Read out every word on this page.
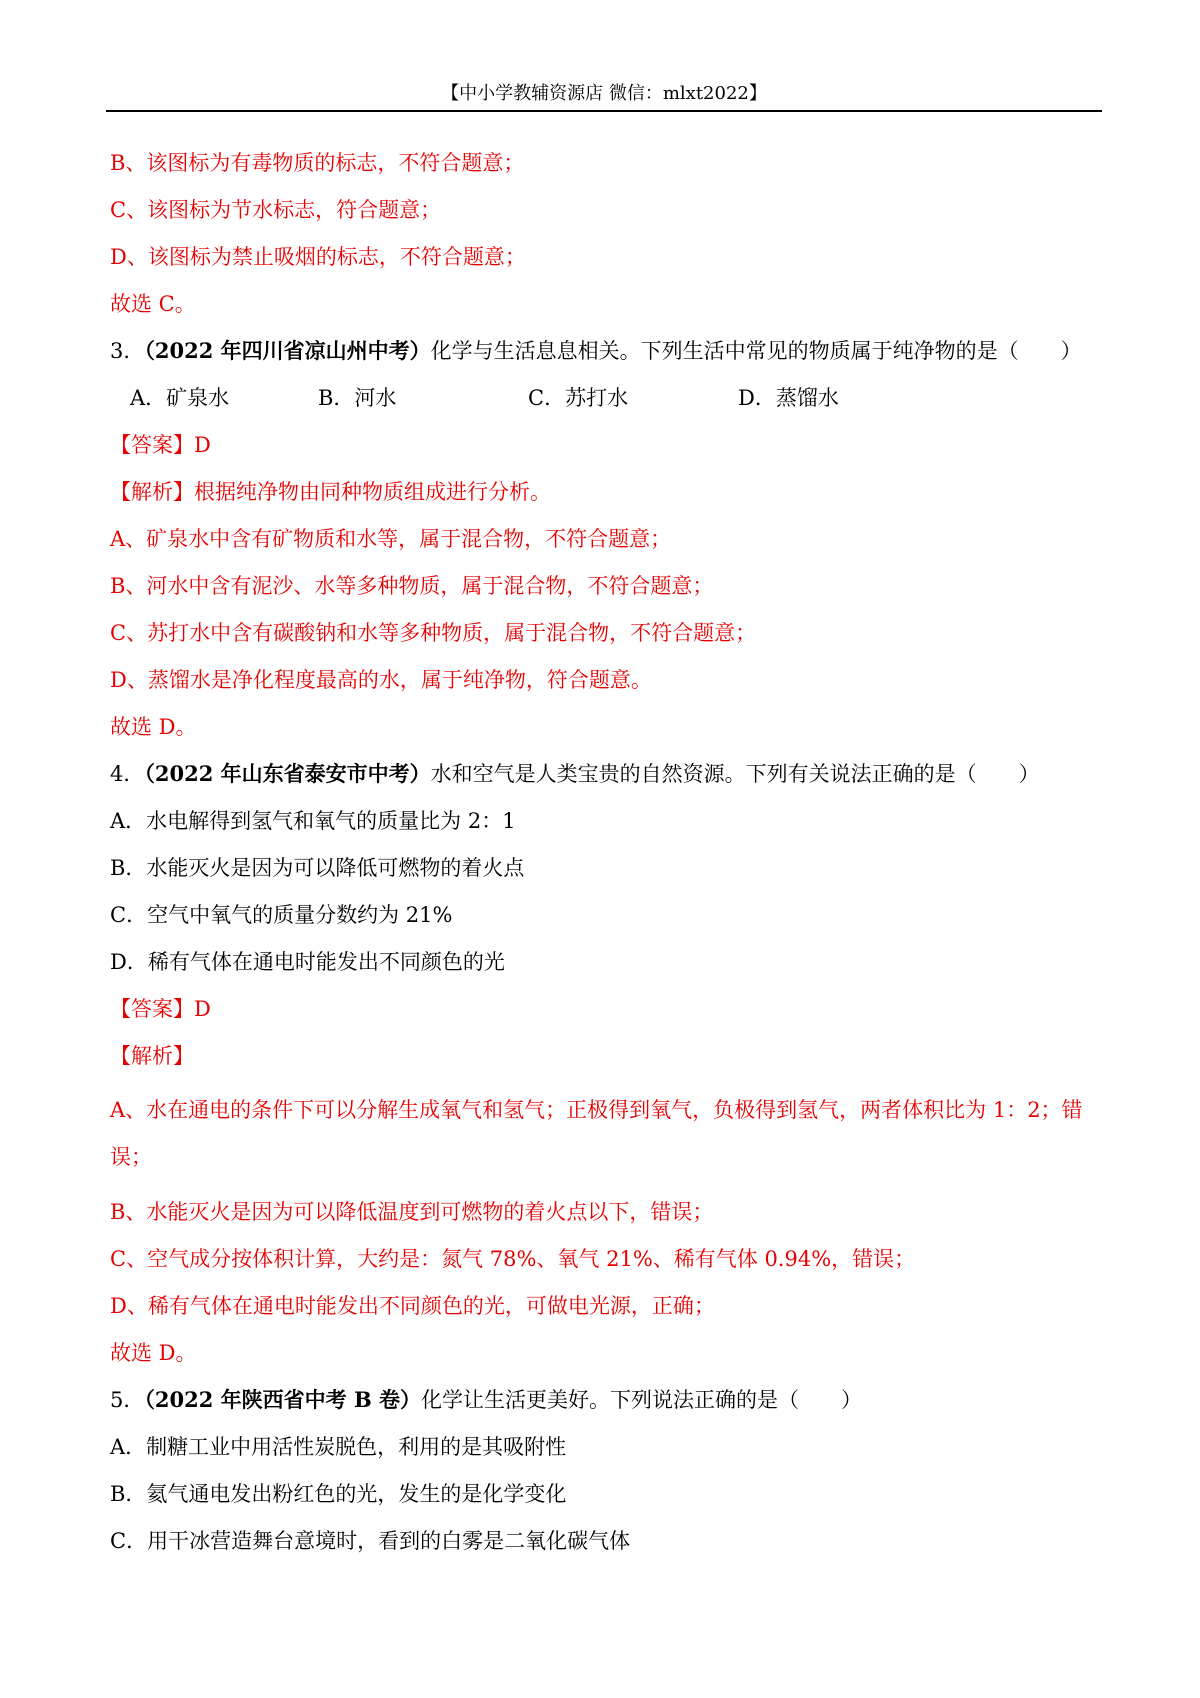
【中小学教辅资源店 微信：mlxt2022】
B、该图标为有毒物质的标志，不符合题意；
C、该图标为节水标志，符合题意；
D、该图标为禁止吸烟的标志，不符合题意；
故选 C。
3．（2022 年四川省凉山州中考）化学与生活息息相关。下列生活中常见的物质属于纯净物的是（　　）
A．矿泉水	B．河水	C．苏打水	D．蒸馏水
【答案】D
【解析】根据纯净物由同种物质组成进行分析。
A、矿泉水中含有矿物质和水等，属于混合物，不符合题意；
B、河水中含有泥沙、水等多种物质，属于混合物，不符合题意；
C、苏打水中含有碳酸钠和水等多种物质，属于混合物，不符合题意；
D、蒸馏水是净化程度最高的水，属于纯净物，符合题意。
故选 D。
4．（2022 年山东省泰安市中考）水和空气是人类宝贵的自然资源。下列有关说法正确的是（　　）
A．水电解得到氢气和氧气的质量比为 2：1
B．水能灭火是因为可以降低可燃物的着火点
C．空气中氧气的质量分数约为 21%
D．稀有气体在通电时能发出不同颜色的光
【答案】D
【解析】
A、水在通电的条件下可以分解生成氧气和氢气；正极得到氧气，负极得到氢气，两者体积比为 1：2；错误；
B、水能灭火是因为可以降低温度到可燃物的着火点以下，错误；
C、空气成分按体积计算，大约是：氮气 78%、氧气 21%、稀有气体 0.94%，错误；
D、稀有气体在通电时能发出不同颜色的光，可做电光源，正确；
故选 D。
5．（2022 年陕西省中考 B 卷）化学让生活更美好。下列说法正确的是（　　）
A．制糖工业中用活性炭脱色，利用的是其吸附性
B．氦气通电发出粉红色的光，发生的是化学变化
C．用干冰营造舞台意境时，看到的白雾是二氧化碳气体
